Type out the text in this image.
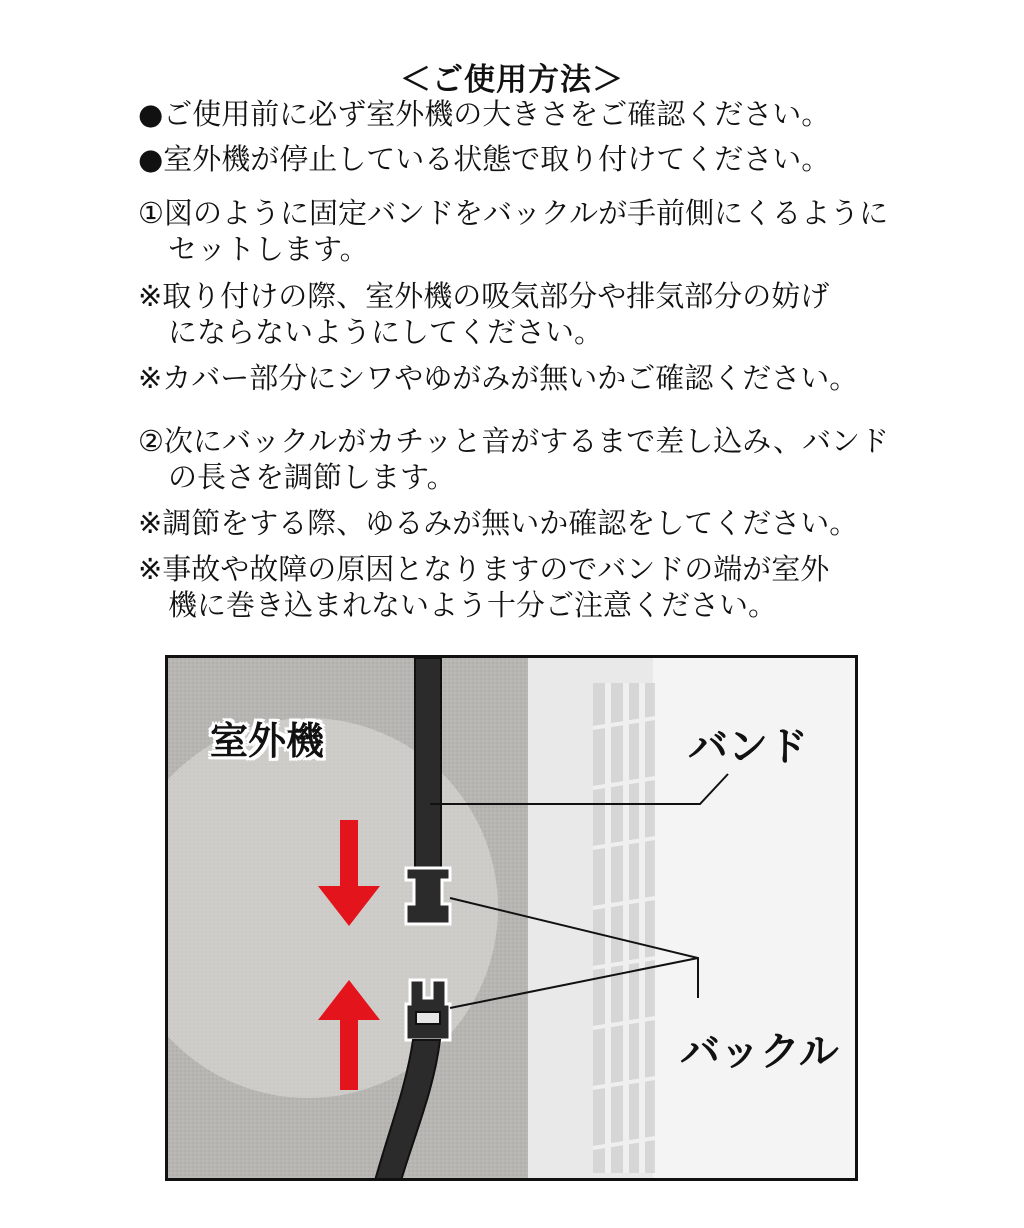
＜ご使用方法＞
●ご使用前に必ず室外機の大きさをご確認ください。
●室外機が停止している状態で取り付けてください。
①図のように固定バンドをバックルが手前側にくるように
セットします。
※取り付けの際、室外機の吸気部分や排気部分の妨げ
にならないようにしてください。
※カバー部分にシワやゆがみが無いかご確認ください。
②次にバックルがカチッと音がするまで差し込み、バンド
の長さを調節します。
※調節をする際、ゆるみが無いか確認をしてください。
※事故や故障の原因となりますのでバンドの端が室外
機に巻き込まれないよう十分ご注意ください。
室外機	バンド
バックル
